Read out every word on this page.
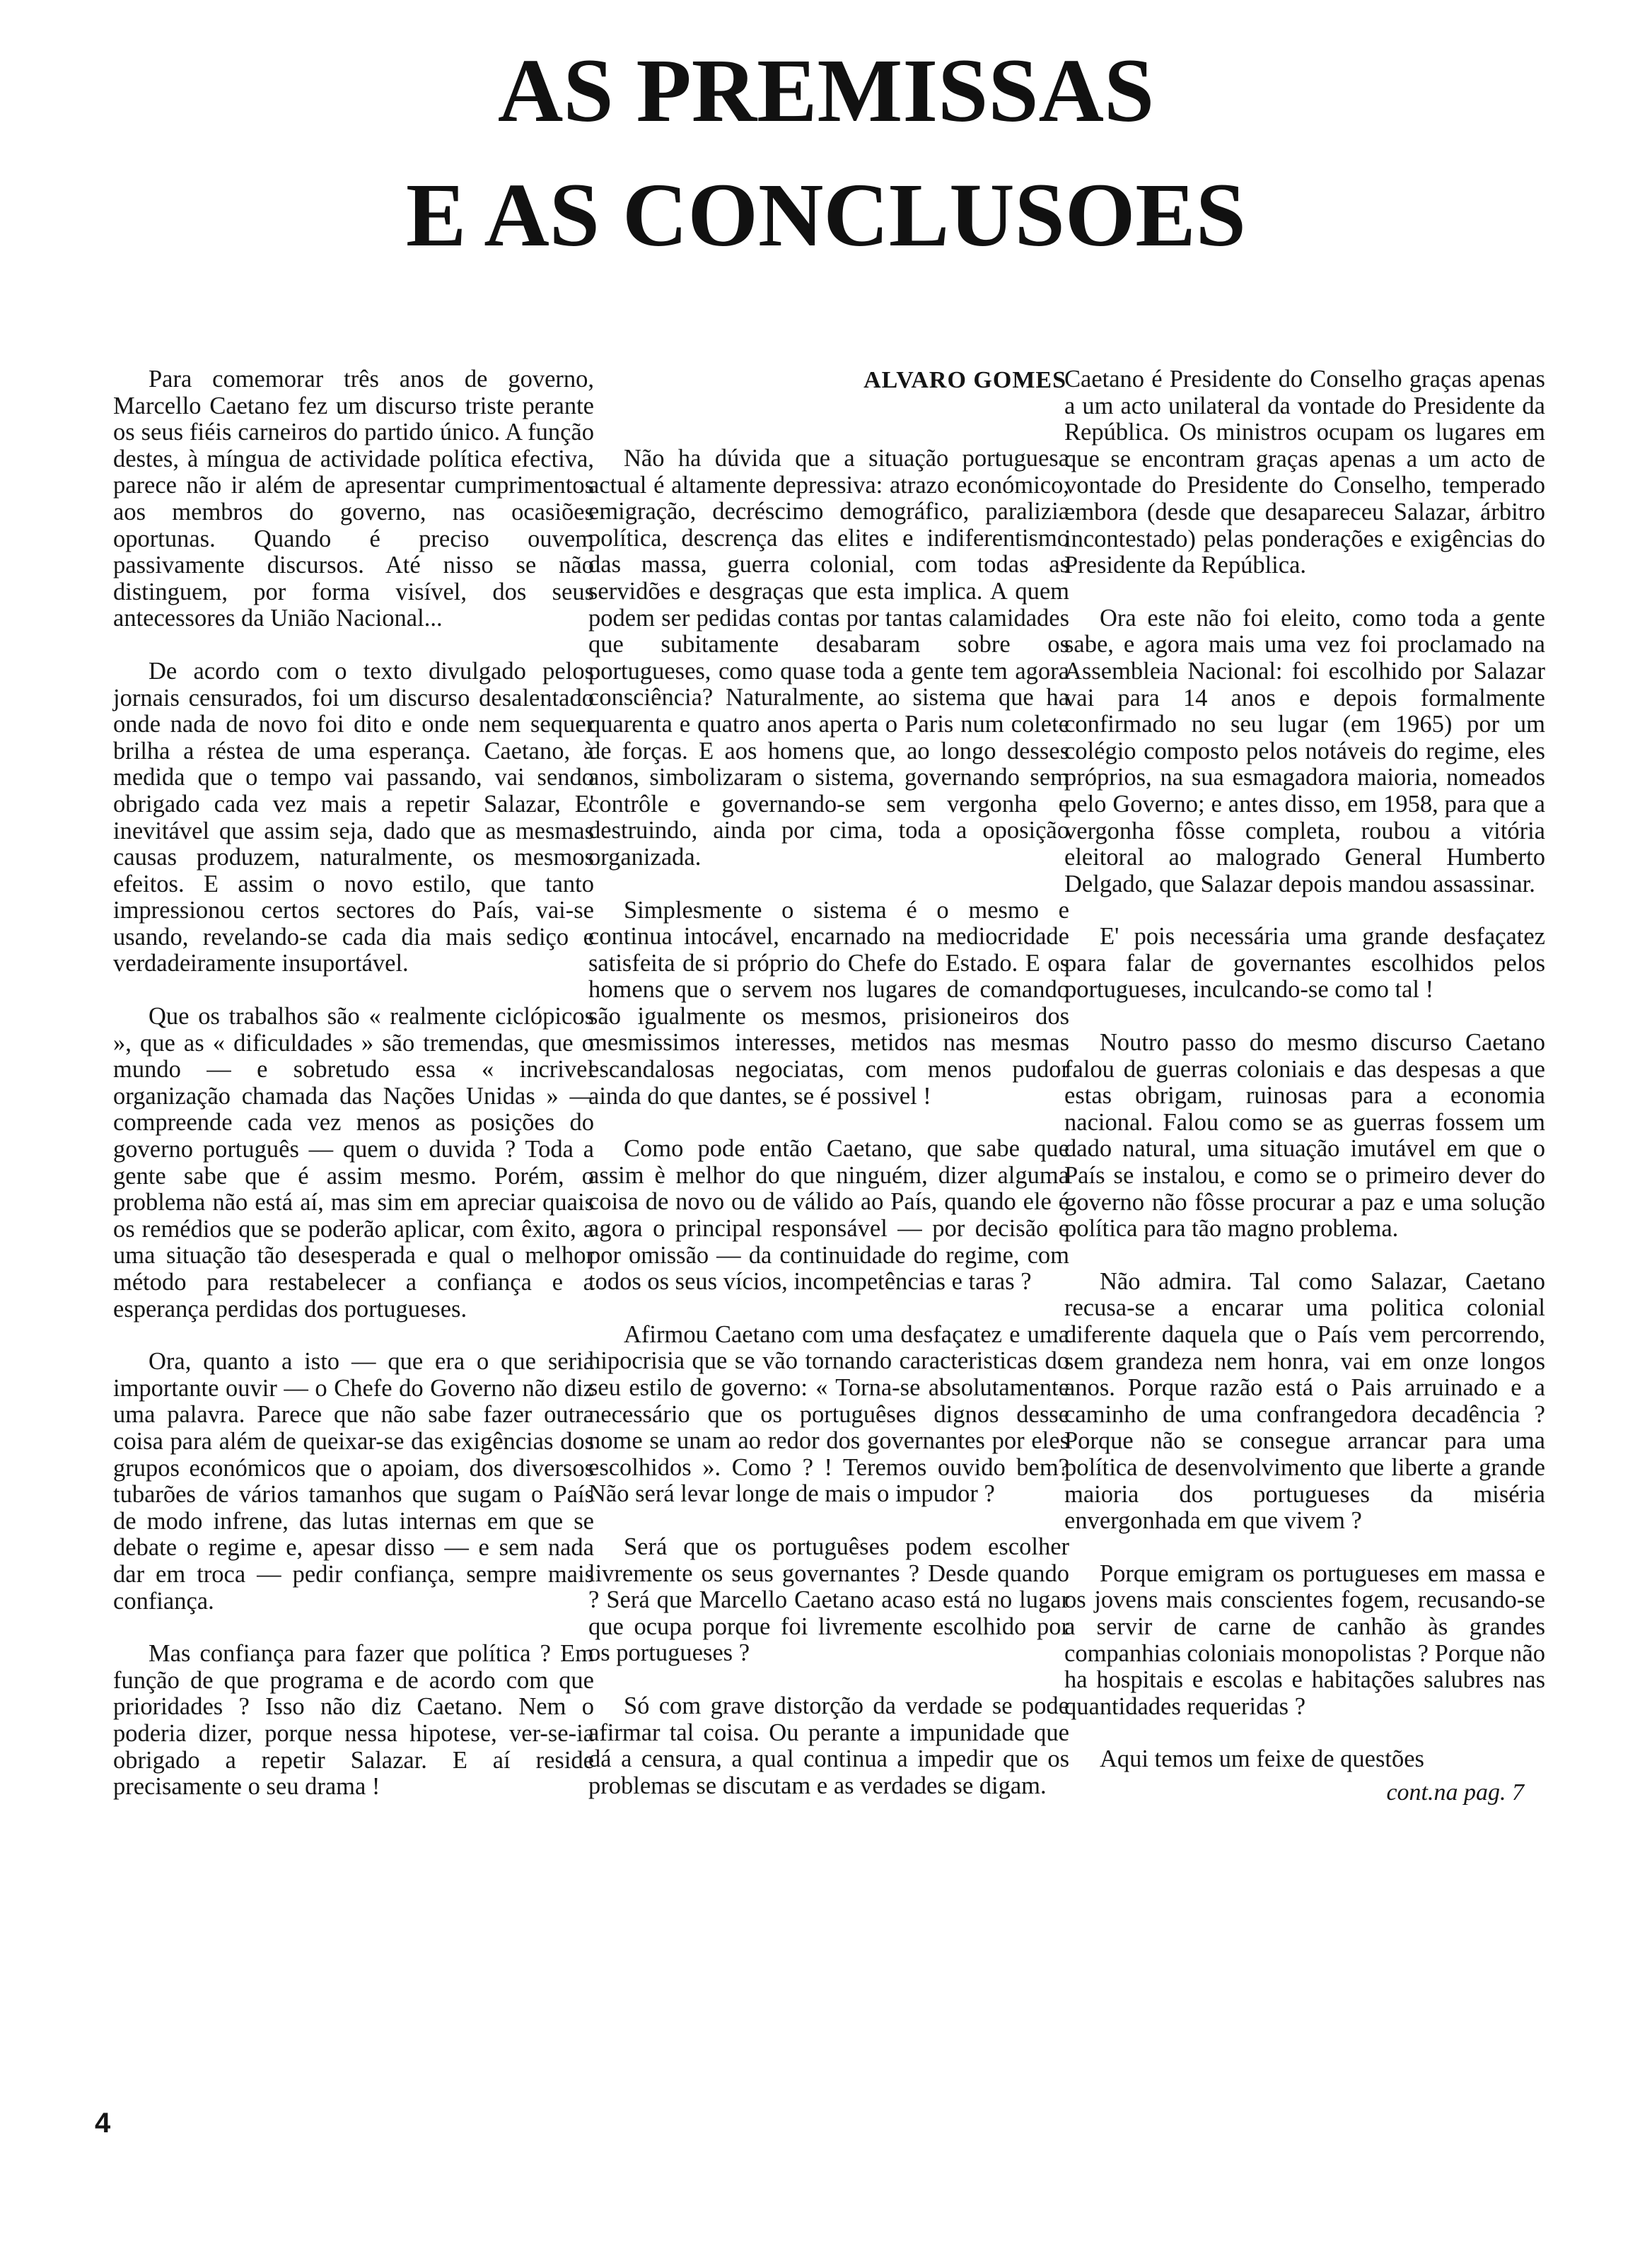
AS PREMISSAS
E AS CONCLUSOES

Para comemorar três anos de governo, Marcello Caetano fez um discurso triste perante os seus fiéis carneiros do partido único. A função destes, à míngua de actividade política efectiva, parece não ir além de apresentar cumprimentos aos membros do governo, nas ocasiões oportunas. Quando é preciso ouvem passivamente discursos. Até nisso se não distinguem, por forma visível, dos seus antecessores da União Nacional...

De acordo com o texto divulgado pelos jornais censurados, foi um discurso desalentado onde nada de novo foi dito e onde nem sequer brilha a réstea de uma esperança. Caetano, à medida que o tempo vai passando, vai sendo obrigado cada vez mais a repetir Salazar, E' inevitável que assim seja, dado que as mesmas causas produzem, naturalmente, os mesmos efeitos. E assim o novo estilo, que tanto impressionou certos sectores do País, vai-se usando, revelando-se cada dia mais sediço e verdadeiramente insuportável.

Que os trabalhos são « realmente ciclópicos », que as « dificuldades » são tremendas, que o mundo — e sobretudo essa « incrivel organização chamada das Nações Unidas » — compreende cada vez menos as posições do governo português — quem o duvida ? Toda a gente sabe que é assim mesmo. Porém, o problema não está aí, mas sim em apreciar quais os remédios que se poderão aplicar, com êxito, a uma situação tão desesperada e qual o melhor método para restabelecer a confiança e a esperança perdidas dos portugueses.

Ora, quanto a isto — que era o que seria importante ouvir — o Chefe do Governo não diz uma palavra. Parece que não sabe fazer outra coisa para além de queixar-se das exigências dos grupos económicos que o apoiam, dos diversos tubarões de vários tamanhos que sugam o País de modo infrene, das lutas internas em que se debate o regime e, apesar disso — e sem nada dar em troca — pedir confiança, sempre mais confiança.

Mas confiança para fazer que política ? Em função de que programa e de acordo com que prioridades ? Isso não diz Caetano. Nem o poderia dizer, porque nessa hipotese, ver-se-ia obrigado a repetir Salazar. E aí reside precisamente o seu drama !

ALVARO GOMES

Não ha dúvida que a situação portuguesa actual é altamente depressiva: atrazo económico, emigração, decréscimo demográfico, paralizia política, descrença das elites e indiferentismo das massa, guerra colonial, com todas as servidões e desgraças que esta implica. A quem podem ser pedidas contas por tantas calamidades que subitamente desabaram sobre os portugueses, como quase toda a gente tem agora consciência? Naturalmente, ao sistema que ha quarenta e quatro anos aperta o Paris num colete de forças. E aos homens que, ao longo desses anos, simbolizaram o sistema, governando sem contrôle e governando-se sem vergonha e destruindo, ainda por cima, toda a oposição organizada.

Simplesmente o sistema é o mesmo e continua intocável, encarnado na mediocridade satisfeita de si próprio do Chefe do Estado. E os homens que o servem nos lugares de comando são igualmente os mesmos, prisioneiros dos mesmissimos interesses, metidos nas mesmas escandalosas negociatas, com menos pudor ainda do que dantes, se é possivel !

Como pode então Caetano, que sabe que assim è melhor do que ninguém, dizer alguma coisa de novo ou de válido ao País, quando ele é agora o principal responsável — por decisão e por omissão — da continuidade do regime, com todos os seus vícios, incompetências e taras ?

Afirmou Caetano com uma desfaçatez e uma hipocrisia que se vão tornando caracteristicas do seu estilo de governo: « Torna-se absolutamente necessário que os portuguêses dignos desse nome se unam ao redor dos governantes por eles escolhidos ». Como ? ! Teremos ouvido bem? Não será levar longe de mais o impudor ?

Será que os portuguêses podem escolher livremente os seus governantes ? Desde quando ? Será que Marcello Caetano acaso está no lugar que ocupa porque foi livremente escolhido por os portugueses ?

Só com grave distorção da verdade se pode afirmar tal coisa. Ou perante a impunidade que dá a censura, a qual continua a impedir que os problemas se discutam e as verdades se digam.

Caetano é Presidente do Conselho graças apenas a um acto unilateral da vontade do Presidente da República. Os ministros ocupam os lugares em que se encontram graças apenas a um acto de vontade do Presidente do Conselho, temperado embora (desde que desapareceu Salazar, árbitro incontestado) pelas ponderações e exigências do Presidente da República.

Ora este não foi eleito, como toda a gente sabe, e agora mais uma vez foi proclamado na Assembleia Nacional: foi escolhido por Salazar vai para 14 anos e depois formalmente confirmado no seu lugar (em 1965) por um colégio composto pelos notáveis do regime, eles próprios, na sua esmagadora maioria, nomeados pelo Governo; e antes disso, em 1958, para que a vergonha fôsse completa, roubou a vitória eleitoral ao malogrado General Humberto Delgado, que Salazar depois mandou assassinar.

E' pois necessária uma grande desfaçatez para falar de governantes escolhidos pelos portugueses, inculcando-se como tal !

Noutro passo do mesmo discurso Caetano falou de guerras coloniais e das despesas a que estas obrigam, ruinosas para a economia nacional. Falou como se as guerras fossem um dado natural, uma situação imutável em que o País se instalou, e como se o primeiro dever do governo não fôsse procurar a paz e uma solução política para tão magno problema.

Não admira. Tal como Salazar, Caetano recusa-se a encarar uma politica colonial diferente daquela que o País vem percorrendo, sem grandeza nem honra, vai em onze longos anos. Porque razão está o Pais arruinado e a caminho de uma confrangedora decadência ? Porque não se consegue arrancar para uma política de desenvolvimento que liberte a grande maioria dos portugueses da miséria envergonhada em que vivem ?

Porque emigram os portugueses em massa e os jovens mais conscientes fogem, recusando-se a servir de carne de canhão às grandes companhias coloniais monopolistas ? Porque não ha hospitais e escolas e habitações salubres nas quantidades requeridas ?

Aqui temos um feixe de questões

cont.na pag. 7
4
